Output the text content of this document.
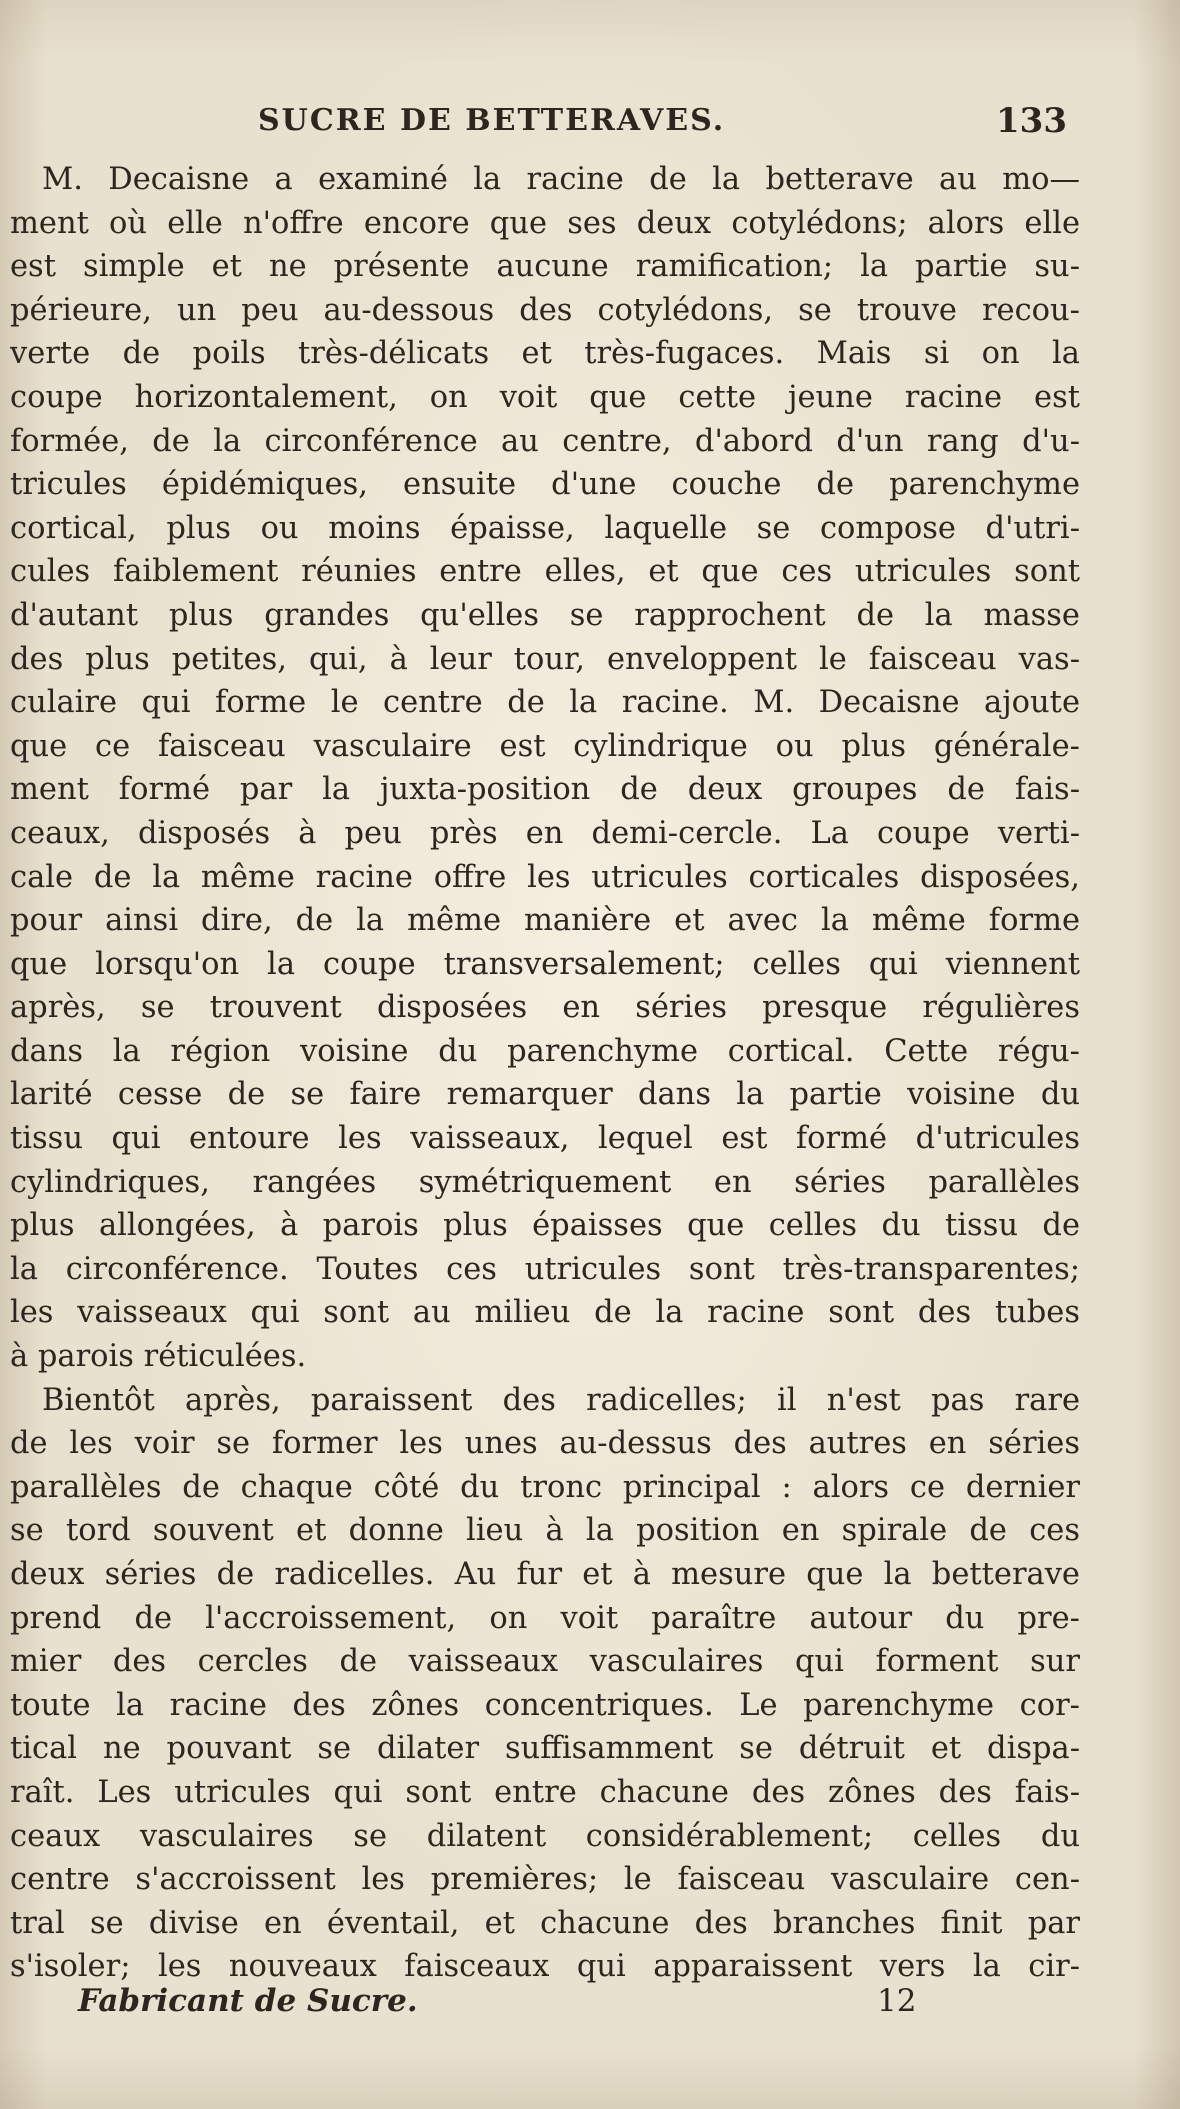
SUCRE DE BETTERAVES.	133
M. Decaisne a examiné la racine de la betterave au mo—
ment où elle n'offre encore que ses deux cotylédons; alors elle
est simple et ne présente aucune ramification; la partie su-
périeure, un peu au-dessous des cotylédons, se trouve recou-
verte de poils très-délicats et très-fugaces. Mais si on la
coupe horizontalement, on voit que cette jeune racine est
formée, de la circonférence au centre, d'abord d'un rang d'u-
tricules épidémiques, ensuite d'une couche de parenchyme
cortical, plus ou moins épaisse, laquelle se compose d'utri-
cules faiblement réunies entre elles, et que ces utricules sont
d'autant plus grandes qu'elles se rapprochent de la masse
des plus petites, qui, à leur tour, enveloppent le faisceau vas-
culaire qui forme le centre de la racine. M. Decaisne ajoute
que ce faisceau vasculaire est cylindrique ou plus générale-
ment formé par la juxta-position de deux groupes de fais-
ceaux, disposés à peu près en demi-cercle. La coupe verti-
cale de la même racine offre les utricules corticales disposées,
pour ainsi dire, de la même manière et avec la même forme
que lorsqu'on la coupe transversalement; celles qui viennent
après, se trouvent disposées en séries presque régulières
dans la région voisine du parenchyme cortical. Cette régu-
larité cesse de se faire remarquer dans la partie voisine du
tissu qui entoure les vaisseaux, lequel est formé d'utricules
cylindriques, rangées symétriquement en séries parallèles
plus allongées, à parois plus épaisses que celles du tissu de
la circonférence. Toutes ces utricules sont très-transparentes;
les vaisseaux qui sont au milieu de la racine sont des tubes
à parois réticulées.
Bientôt après, paraissent des radicelles; il n'est pas rare
de les voir se former les unes au-dessus des autres en séries
parallèles de chaque côté du tronc principal : alors ce dernier
se tord souvent et donne lieu à la position en spirale de ces
deux séries de radicelles. Au fur et à mesure que la betterave
prend de l'accroissement, on voit paraître autour du pre-
mier des cercles de vaisseaux vasculaires qui forment sur
toute la racine des zônes concentriques. Le parenchyme cor-
tical ne pouvant se dilater suffisamment se détruit et dispa-
raît. Les utricules qui sont entre chacune des zônes des fais-
ceaux vasculaires se dilatent considérablement; celles du
centre s'accroissent les premières; le faisceau vasculaire cen-
tral se divise en éventail, et chacune des branches finit par
s'isoler; les nouveaux faisceaux qui apparaissent vers la cir-
Fabricant de Sucre.	12
